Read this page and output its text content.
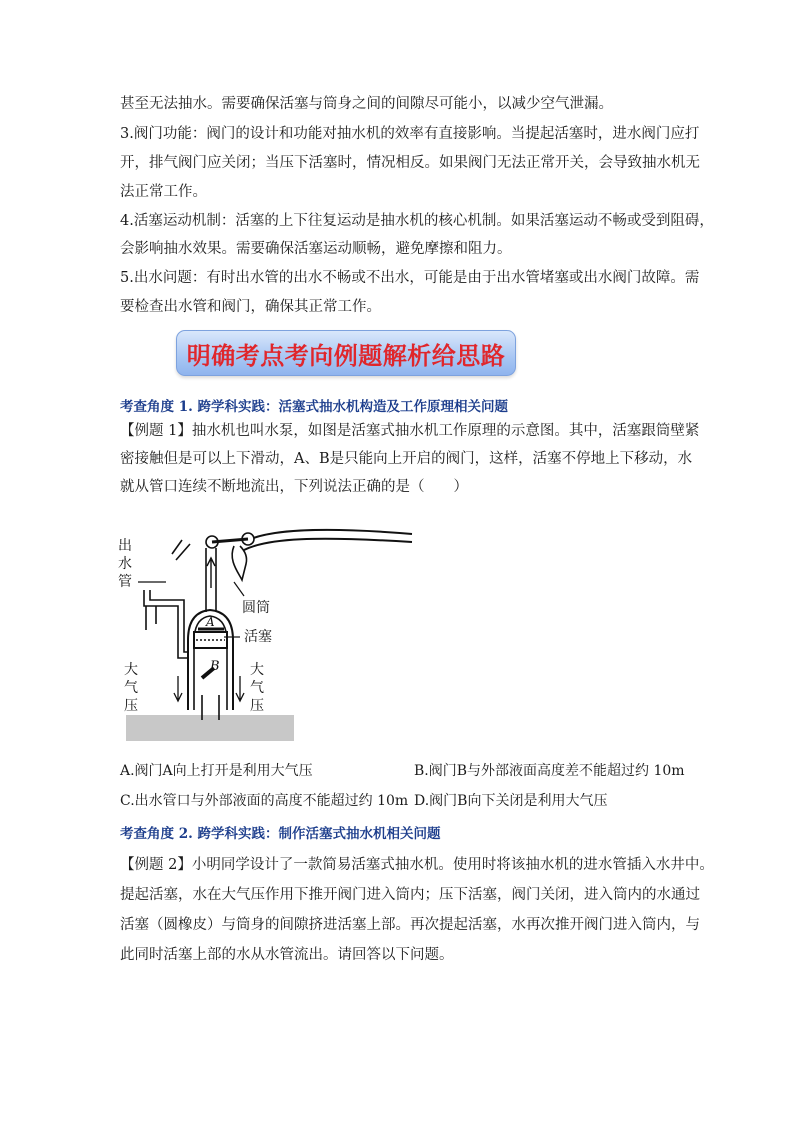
甚至无法抽水。需要确保活塞与筒身之间的间隙尽可能小，以减少空气泄漏。
3.阀门功能：阀门的设计和功能对抽水机的效率有直接影响。当提起活塞时，进水阀门应打
开，排气阀门应关闭；当压下活塞时，情况相反。如果阀门无法正常开关，会导致抽水机无
法正常工作。
4.活塞运动机制：活塞的上下往复运动是抽水机的核心机制。如果活塞运动不畅或受到阻碍，
会影响抽水效果。需要确保活塞运动顺畅，避免摩擦和阻力。
5.出水问题：有时出水管的出水不畅或不出水，可能是由于出水管堵塞或出水阀门故障。需
要检查出水管和阀门，确保其正常工作。
明确考点考向例题解析给思路
考查角度 1. 跨学科实践：活塞式抽水机构造及工作原理相关问题
【例题 1】抽水机也叫水泵，如图是活塞式抽水机工作原理的示意图。其中，活塞跟筒壁紧
密接触但是可以上下滑动，A、B是只能向上开启的阀门，这样，活塞不停地上下移动，水
就从管口连续不断地流出，下列说法正确的是（　　）
出
水
管
圆筒
活塞
A
B
大
气
压
大
气
压
A.阀门A向上打开是利用大气压	B.阀门B与外部液面高度差不能超过约 10m
C.出水管口与外部液面的高度不能超过约 10m D.阀门B向下关闭是利用大气压
考查角度 2. 跨学科实践：制作活塞式抽水机相关问题
【例题 2】小明同学设计了一款简易活塞式抽水机。使用时将该抽水机的进水管插入水井中。
提起活塞，水在大气压作用下推开阀门进入筒内；压下活塞，阀门关闭，进入筒内的水通过
活塞（圆橡皮）与筒身的间隙挤进活塞上部。再次提起活塞，水再次推开阀门进入筒内，与
此同时活塞上部的水从水管流出。请回答以下问题。
